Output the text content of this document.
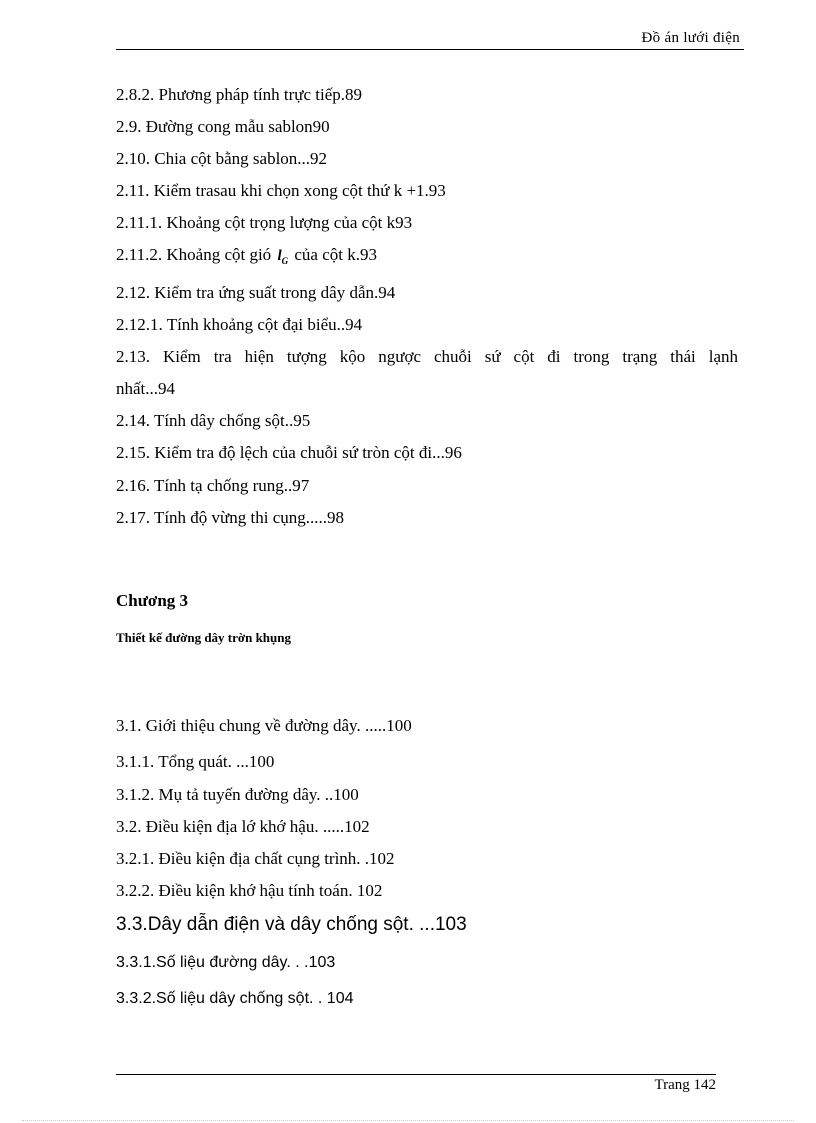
Đồ án lưới điện
2.8.2. Phương pháp tính trực tiếp.89
2.9. Đường cong mẫu sablon90
2.10. Chia cột bằng sablon...92
2.11. Kiểm trasau khi chọn xong cột thứ k +1.93
2.11.1. Khoảng cột trọng lượng của cột k93
2.11.2. Khoảng cột gió $l_G$ của cột k.93
2.12. Kiểm tra ứng suất trong dây dẫn.94
2.12.1. Tính khoảng cột đại biểu..94
2.13. Kiểm tra hiện tượng kộo ngược chuỗi sứ cột đi trong trạng thái lạnh
nhất...94
2.14. Tính dây chống sột..95
2.15. Kiểm tra độ lệch của chuỗi sứ tròn cột đi...96
2.16. Tính tạ chống rung..97
2.17. Tính độ vừng thi cụng.....98
Chương 3
Thiết kế đường dây trờn khụng
3.1. Giới thiệu chung về đường dây. .....100
3.1.1. Tổng quát. ...100
3.1.2. Mụ tả tuyến đường dây. ..100
3.2. Điều kiện địa lớ khớ hậu. .....102
3.2.1. Điều kiện địa chất cụng trình. .102
3.2.2. Điều kiện khớ hậu tính toán. 102
3.3.Dây dẫn điện và dây chống sột. ...103
3.3.1.Số liệu đường dây. . .103
3.3.2.Số liệu dây chống sột. . 104
Trang 142
